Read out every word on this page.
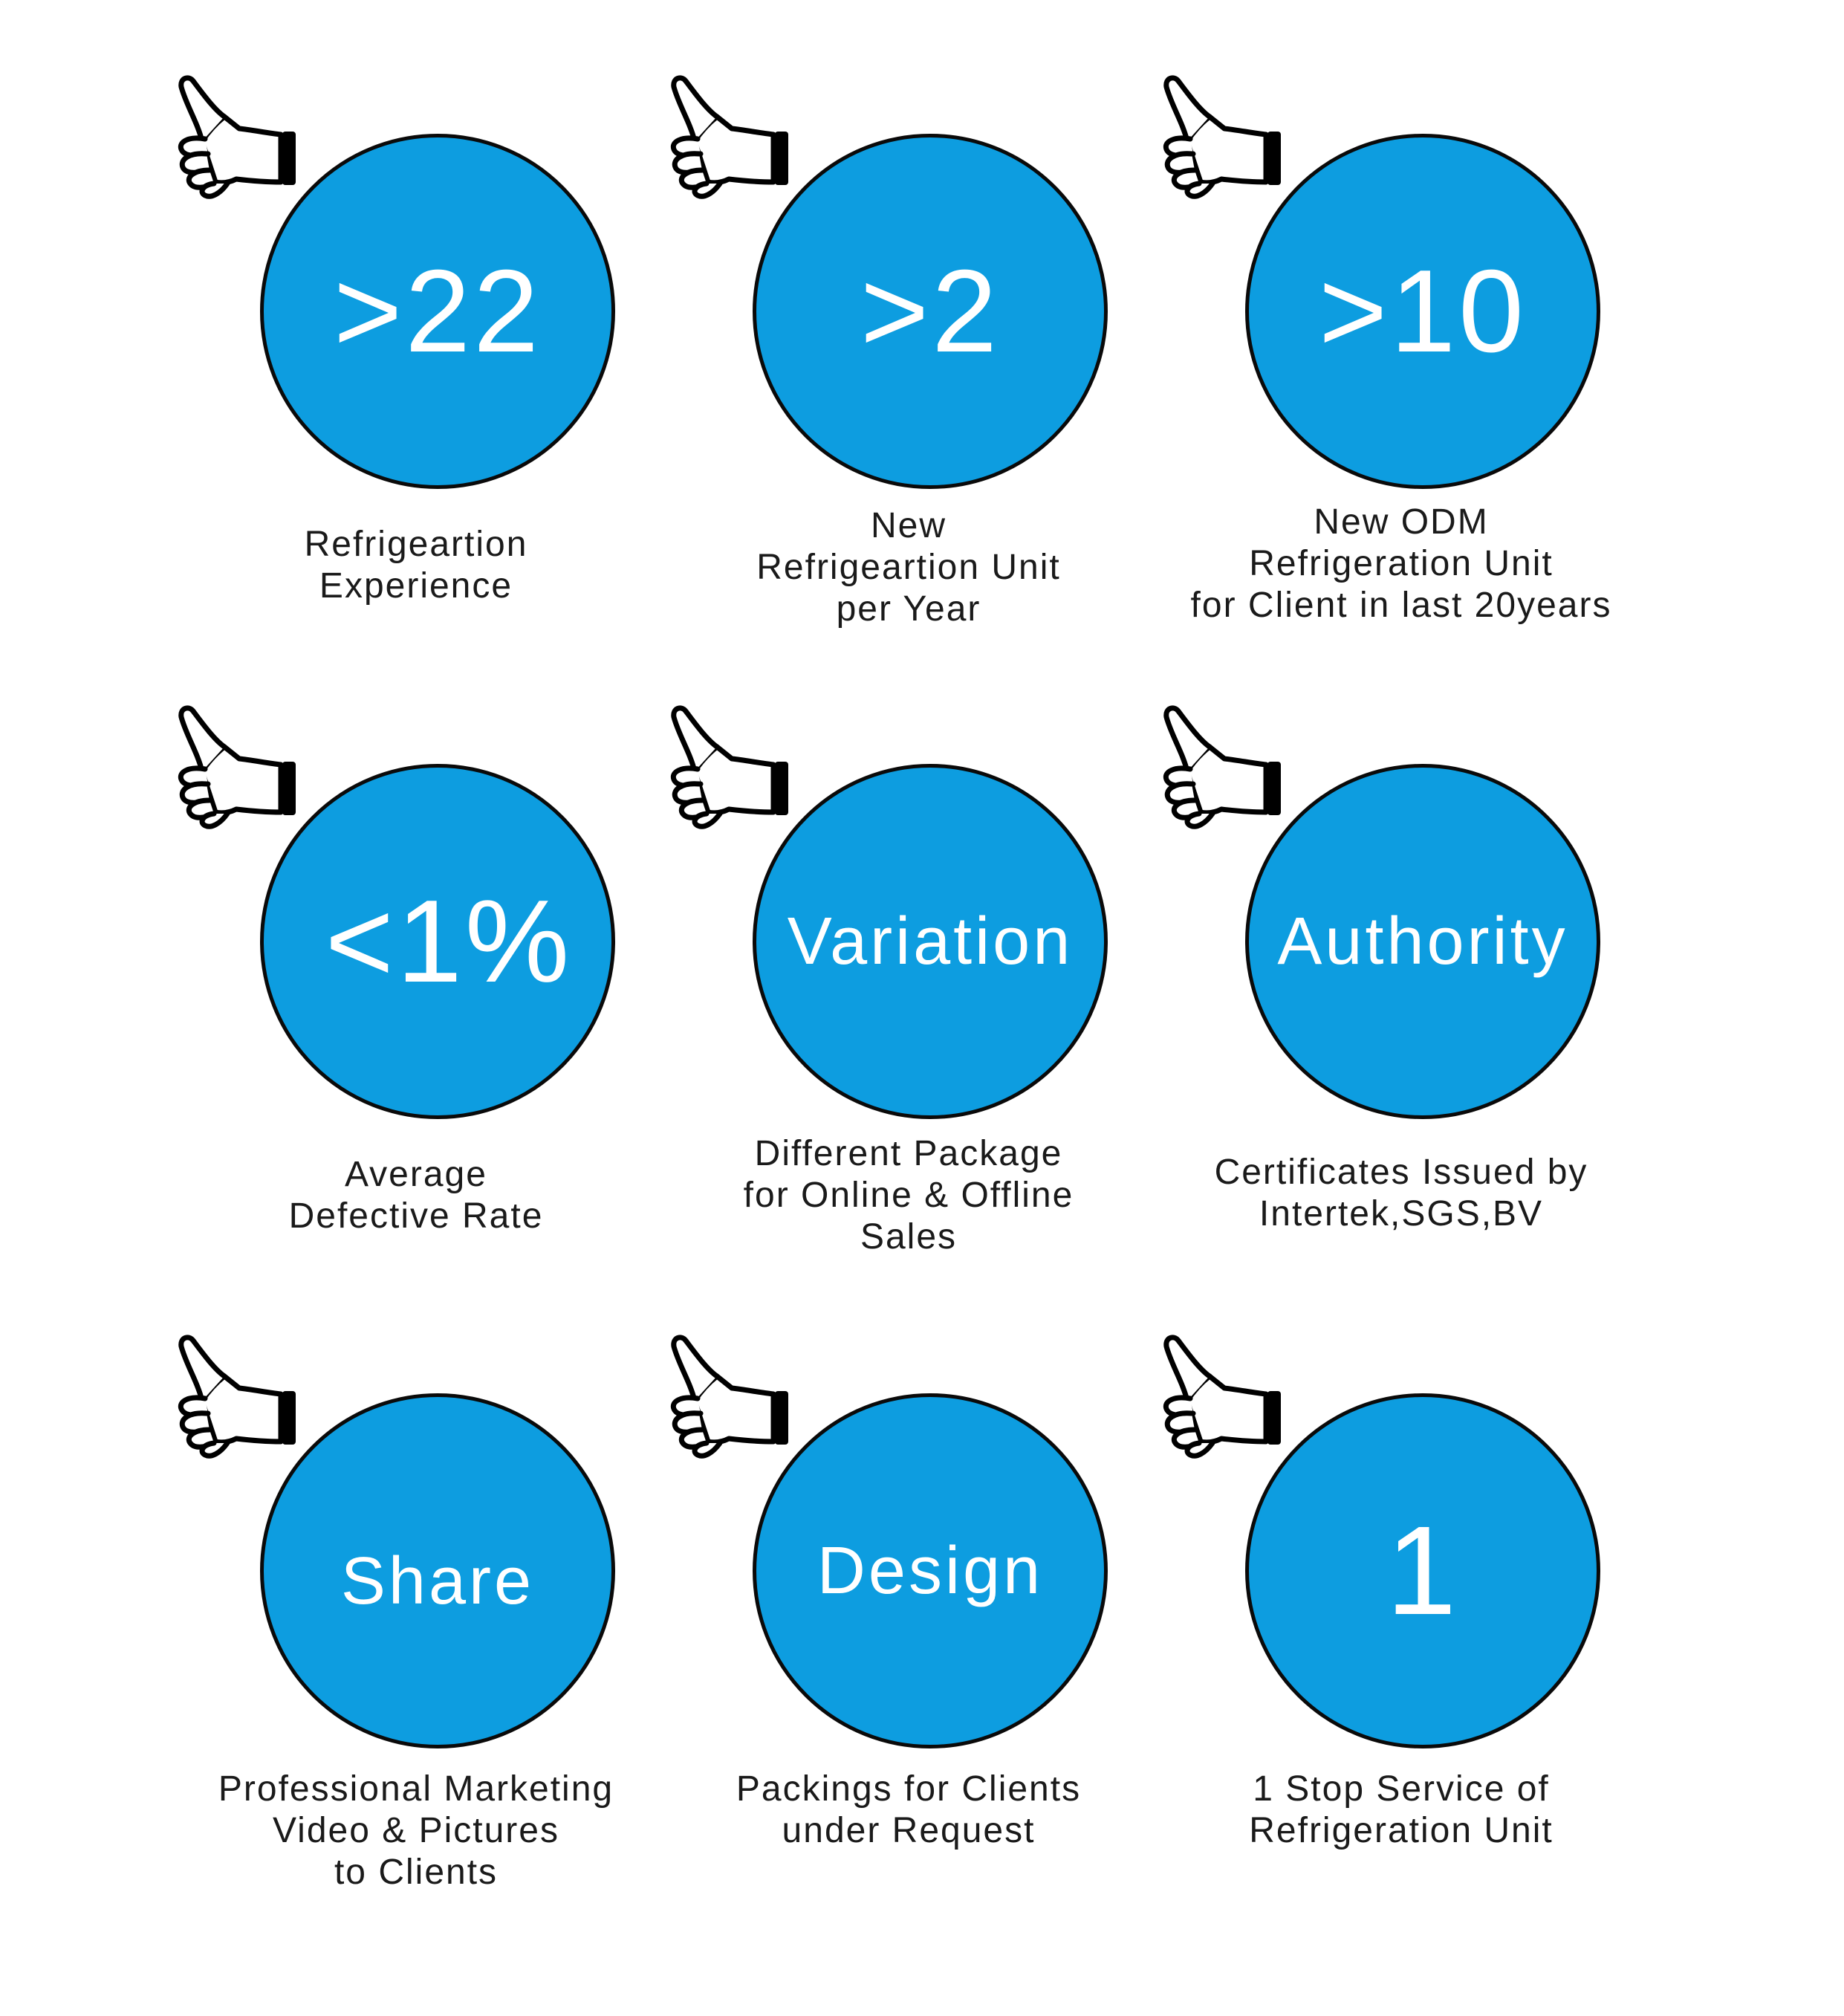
>22
Refrigeartion
Experience
>2
New
Refrigeartion Unit
per Year
>10
New ODM
Refrigeration Unit
for Client in last 20years
<1%
Average
Defective Rate
Variation
Different Package
for Online & Offline
Sales
Authority
Certificates Issued by
Intertek,SGS,BV
Share
Professional Marketing
Video & Pictures
to Clients
Design
Packings for Clients
under Request
1
1 Stop Service of
Refrigeration Unit
